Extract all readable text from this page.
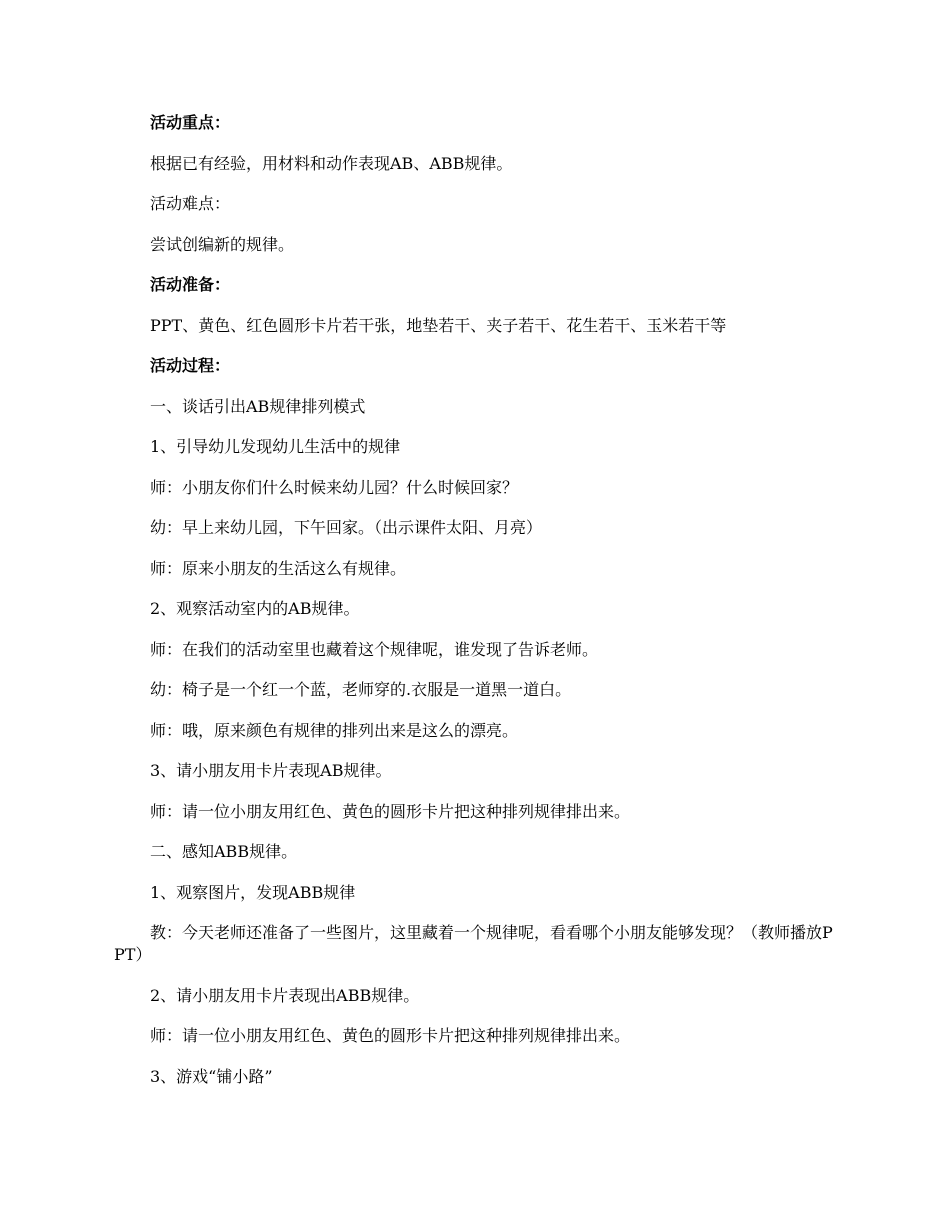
活动重点：

根据已有经验，用材料和动作表现AB、ABB规律。

活动难点：

尝试创编新的规律。

活动准备：

PPT、黄色、红色圆形卡片若干张，地垫若干、夹子若干、花生若干、玉米若干等

活动过程：

一、谈话引出AB规律排列模式

1、引导幼儿发现幼儿生活中的规律

师：小朋友你们什么时候来幼儿园？什么时候回家？

幼：早上来幼儿园，下午回家。（出示课件太阳、月亮）

师：原来小朋友的生活这么有规律。

2、观察活动室内的AB规律。

师：在我们的活动室里也藏着这个规律呢，谁发现了告诉老师。

幼：椅子是一个红一个蓝，老师穿的.衣服是一道黑一道白。

师：哦，原来颜色有规律的排列出来是这么的漂亮。

3、请小朋友用卡片表现AB规律。

师：请一位小朋友用红色、黄色的圆形卡片把这种排列规律排出来。

二、感知ABB规律。

1、观察图片，发现ABB规律

教：今天老师还准备了一些图片，这里藏着一个规律呢，看看哪个小朋友能够发现？（教师播放PPT）

2、请小朋友用卡片表现出ABB规律。

师：请一位小朋友用红色、黄色的圆形卡片把这种排列规律排出来。

3、游戏“铺小路”
